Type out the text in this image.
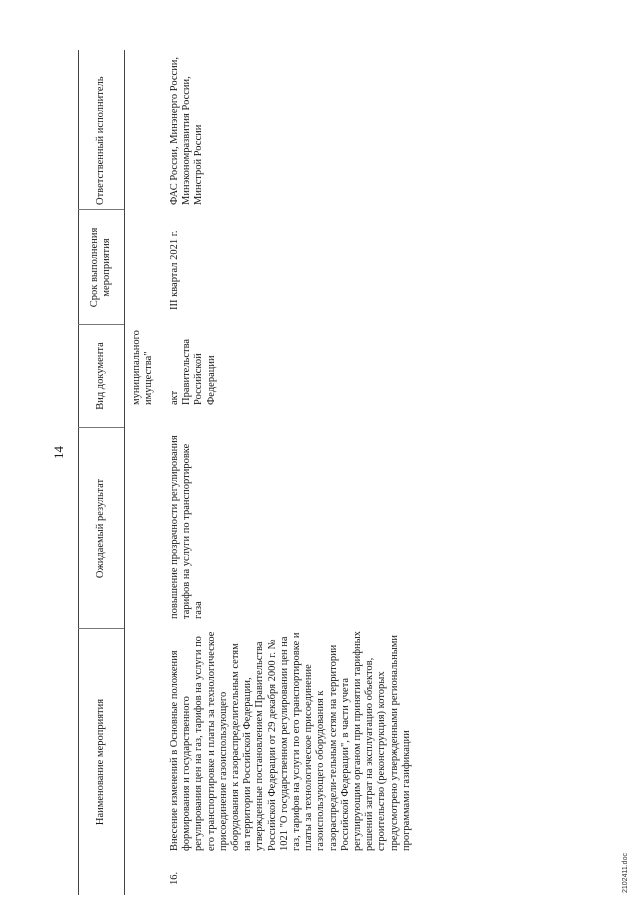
14
Наименование мероприятия
Ожидаемый результат
Вид документа
Срок выполнения мероприятия
Ответственный исполнитель
муниципального имущества"
16.
Внесение изменений в Основные положения формирования и государственного регулирования цен на газ, тарифов на услуги по его транспортировке и платы за технологическое присоединение газоиспользующего оборудования к газораспределительным сетям на территории Российской Федерации, утвержденные постановлением Правительства Российской Федерации от 29 декабря 2000 г. № 1021 "О государственном регулировании цен на газ, тарифов на услуги по его транспортировке и платы за технологическое присоединение газоиспользующего оборудования к газораспредели-тельным сетям на территории Российской Федерации", в части учета регулирующим органом при принятии тарифных решений затрат на эксплуатацию объектов, строительство (реконструкция) которых предусмотрено утвержденными региональными программами газификации
повышение прозрачности регулирования тарифов на услуги по транспортировке газа
акт Правительства Российской Федерации
III квартал 2021 г.
ФАС России, Минэнерго России, Минэкономразвития России, Минстрой России
2102411.doc
